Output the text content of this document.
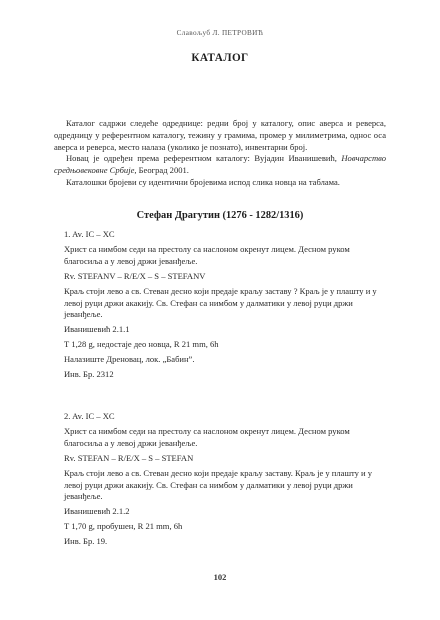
Славољуб Л. ПЕТРОВИЋ
КАТАЛОГ

Каталог садржи следеће одреднице: редни број у каталогу, опис аверса и реверса, одредницу у референтном каталогу, тежину у грамима, промер у милиметрима, однос оса аверса и реверса, место налаза (уколико је познато), инвентарни број.

Новац је одређен према референтном каталогу: Вујадин Иванишевић, Новчарство средњовековне Србије, Београд 2001.

Каталошки бројеви су идентични бројевима испод слика новца на таблама.

Стефан Драгутин (1276 - 1282/1316)

1. Av. IC – XC

Христ са нимбом седи на престолу са наслоном окренут лицем. Десном руком благосиља а у левој држи јеванђеље.

Rv. STEFANV – R/E/X – S – STEFANV

Краљ стоји лево а св. Стеван десно који предаје краљу заставу ? Краљ је у плашту и у левој руци држи акакију. Св. Стефан са нимбом у далматики у левој руци држи јеванђеље.

Иванишевић 2.1.1

Т 1,28 g, недостаје део новца, R 21 mm, 6h

Налазиште Дреновац, лок. „Бабин”.

Инв. Бр. 2312

2. Av. IC – XC

Христ са нимбом седи на престолу са наслоном окренут лицем. Десном руком благосиља а у левој држи јеванђеље.

Rv. STEFAN – R/E/X – S – STEFAN

Краљ стоји лево а св. Стеван десно који предаје краљу заставу. Краљ је у плашту и у левој руци држи акакију. Св. Стефан са нимбом у далматики у левој руци држи јеванђеље.

Иванишевић 2.1.2

Т 1,70 g, пробушен, R 21 mm, 6h

Инв. Бр. 19.

102
